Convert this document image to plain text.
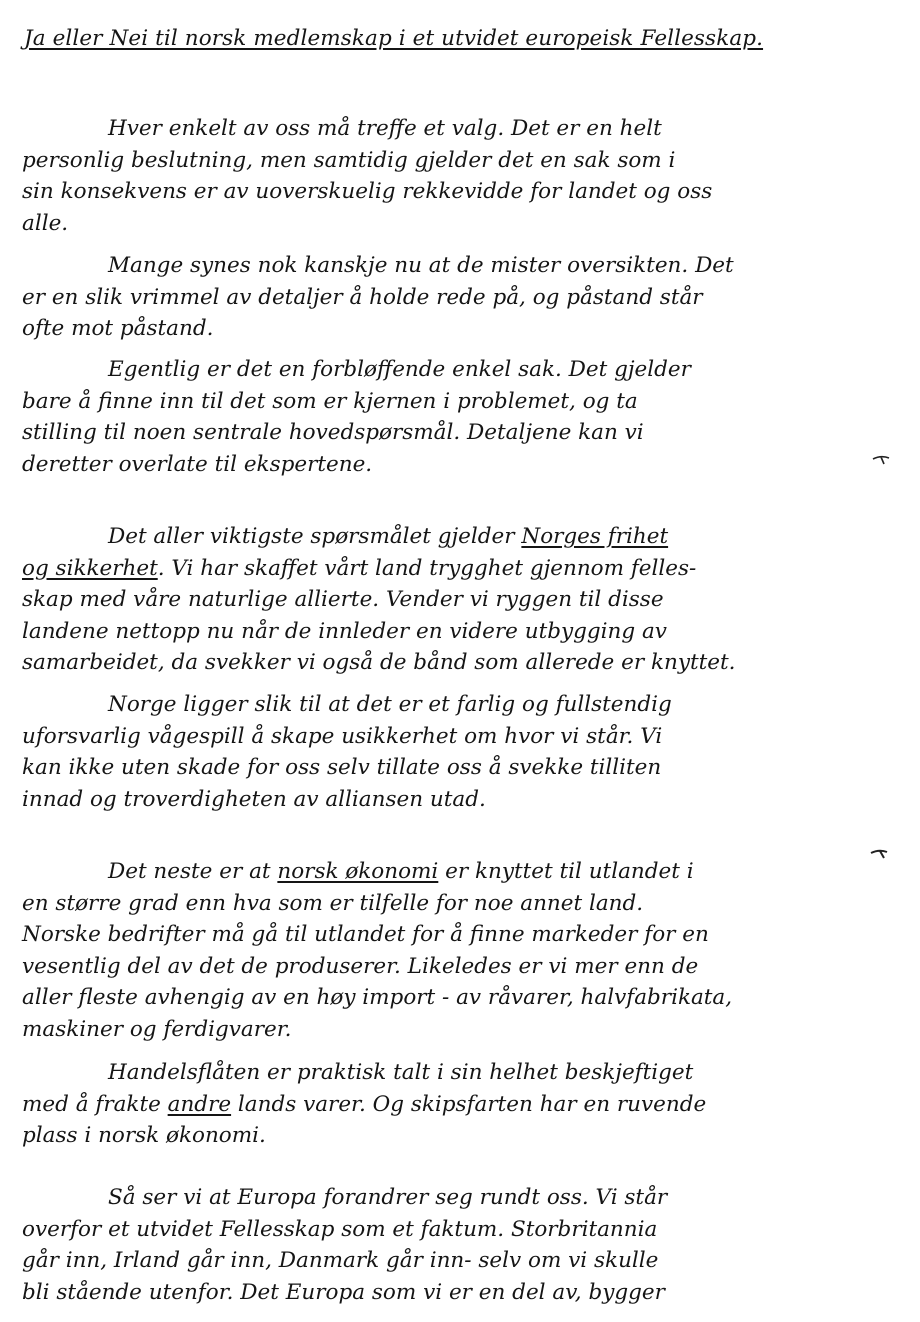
Ja eller Nei til norsk medlemskap i et utvidet europeisk Fellesskap.
Hver enkelt av oss må treffe et valg. Det er en helt
personlig beslutning, men samtidig gjelder det en sak som i
sin konsekvens er av uoverskuelig rekkevidde for landet og oss
alle.
Mange synes nok kanskje nu at de mister oversikten. Det
er en slik vrimmel av detaljer å holde rede på, og påstand står
ofte mot påstand.
Egentlig er det en forbløffende enkel sak. Det gjelder
bare å finne inn til det som er kjernen i problemet, og ta
stilling til noen sentrale hovedspørsmål. Detaljene kan vi
deretter overlate til ekspertene.
Det aller viktigste spørsmålet gjelder Norges frihet
og sikkerhet. Vi har skaffet vårt land trygghet gjennom felles-
skap med våre naturlige allierte. Vender vi ryggen til disse
landene nettopp nu når de innleder en videre utbygging av
samarbeidet, da svekker vi også de bånd som allerede er knyttet.
Norge ligger slik til at det er et farlig og fullstendig
uforsvarlig vågespill å skape usikkerhet om hvor vi står. Vi
kan ikke uten skade for oss selv tillate oss å svekke tilliten
innad og troverdigheten av alliansen utad.
Det neste er at norsk økonomi er knyttet til utlandet i
en større grad enn hva som er tilfelle for noe annet land.
Norske bedrifter må gå til utlandet for å finne markeder for en
vesentlig del av det de produserer. Likeledes er vi mer enn de
aller fleste avhengig av en høy import - av råvarer, halvfabrikata,
maskiner og ferdigvarer.
Handelsflåten er praktisk talt i sin helhet beskjeftiget
med å frakte andre lands varer. Og skipsfarten har en ruvende
plass i norsk økonomi.
Så ser vi at Europa forandrer seg rundt oss. Vi står
overfor et utvidet Fellesskap som et faktum. Storbritannia
går inn, Irland går inn, Danmark går inn- selv om vi skulle
bli stående utenfor. Det Europa som vi er en del av, bygger
